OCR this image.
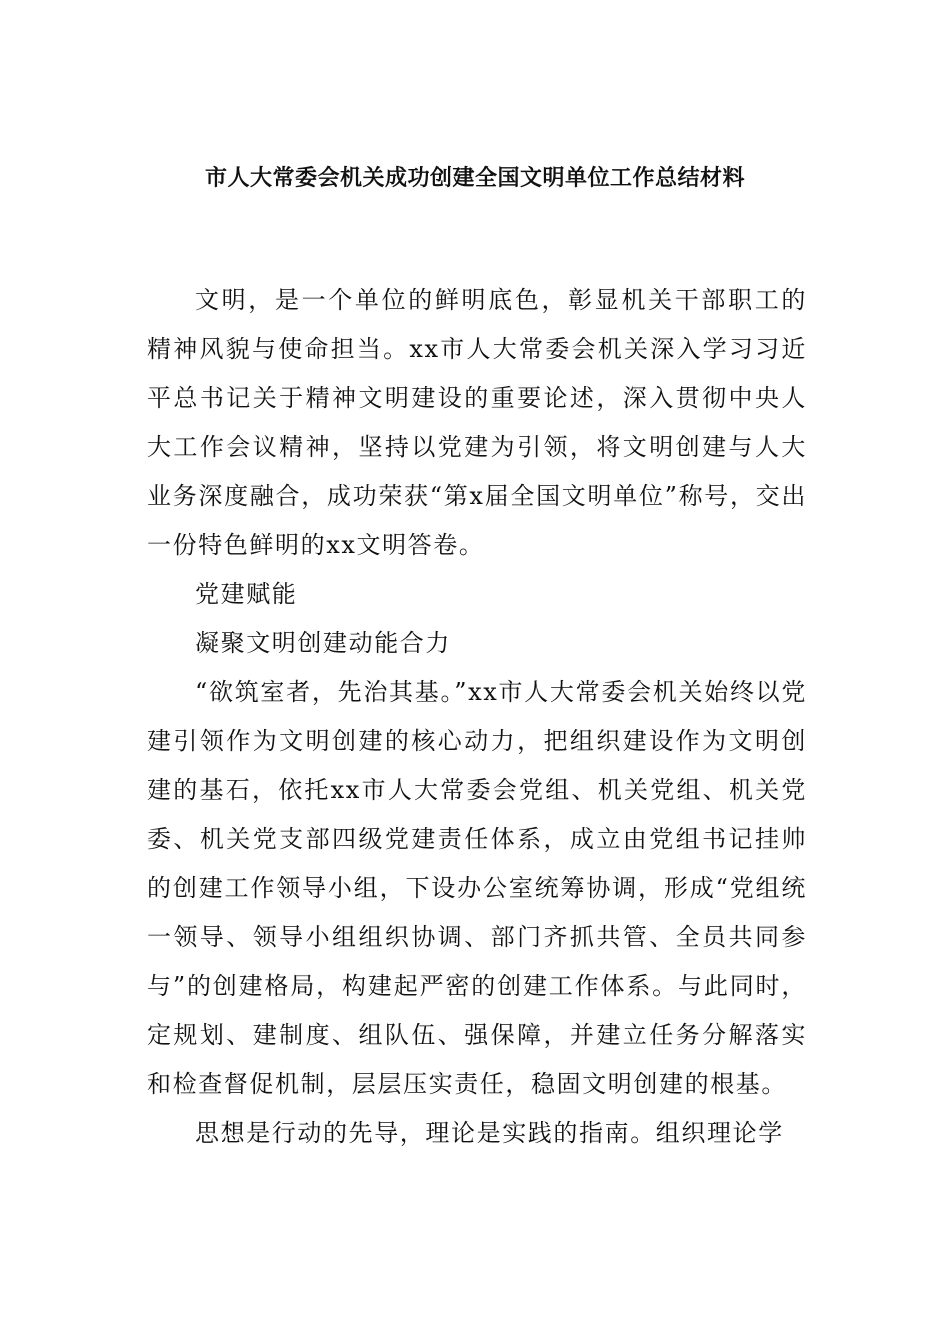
市人大常委会机关成功创建全国文明单位工作总结材料

文明，是一个单位的鲜明底色，彰显机关干部职工的精神风貌与使命担当。xx市人大常委会机关深入学习习近平总书记关于精神文明建设的重要论述，深入贯彻中央人大工作会议精神，坚持以党建为引领，将文明创建与人大业务深度融合，成功荣获“第x届全国文明单位”称号，交出一份特色鲜明的xx文明答卷。

党建赋能

凝聚文明创建动能合力

“欲筑室者，先治其基。”xx市人大常委会机关始终以党建引领作为文明创建的核心动力，把组织建设作为文明创建的基石，依托xx市人大常委会党组、机关党组、机关党委、机关党支部四级党建责任体系，成立由党组书记挂帅的创建工作领导小组，下设办公室统筹协调，形成“党组统一领导、领导小组组织协调、部门齐抓共管、全员共同参与”的创建格局，构建起严密的创建工作体系。与此同时，定规划、建制度、组队伍、强保障，并建立任务分解落实和检查督促机制，层层压实责任，稳固文明创建的根基。

思想是行动的先导，理论是实践的指南。组织理论学
